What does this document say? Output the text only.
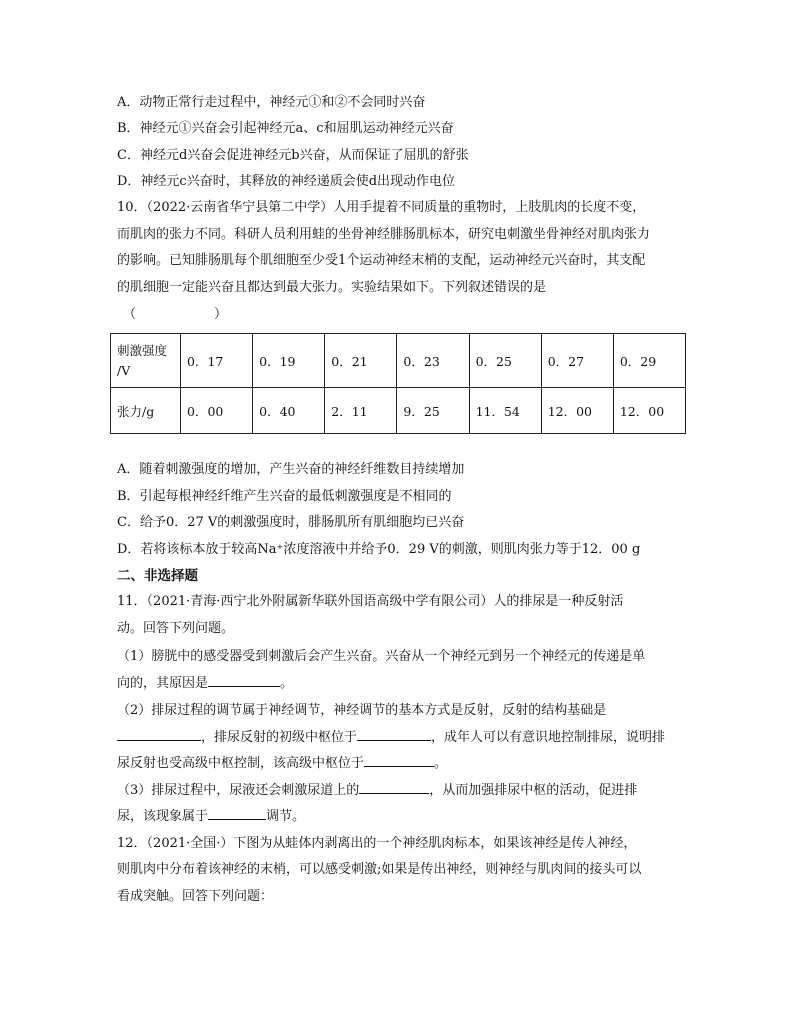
A．动物正常行走过程中，神经元①和②不会同时兴奋
B．神经元①兴奋会引起神经元a、c和屈肌运动神经元兴奋
C．神经元d兴奋会促进神经元b兴奋，从而保证了屈肌的舒张
D．神经元c兴奋时，其释放的神经递质会使d出现动作电位
10．（2022·云南省华宁县第二中学）人用手提着不同质量的重物时，上肢肌肉的长度不变，
而肌肉的张力不同。科研人员利用蛙的坐骨神经腓肠肌标本，研究电刺激坐骨神经对肌肉张力
的影响。已知腓肠肌每个肌细胞至少受1个运动神经末梢的支配，运动神经元兴奋时，其支配
的肌细胞一定能兴奋且都达到最大张力。实验结果如下。下列叙述错误的是
（　　　　　　）
刺激强度
/V	0．17	0．19	0．21	0．23	0．25	0．27	0．29
张力/g	0．00	0．40	2．11	9．25	11．54	12．00	12．00
A．随着刺激强度的增加，产生兴奋的神经纤维数目持续增加
B．引起每根神经纤维产生兴奋的最低刺激强度是不相同的
C．给予0．27 V的刺激强度时，腓肠肌所有肌细胞均已兴奋
D．若将该标本放于较高Na⁺浓度溶液中并给予0．29 V的刺激，则肌肉张力等于12．00 g
二、非选择题
11．（2021·青海·西宁北外附属新华联外国语高级中学有限公司）人的排尿是一种反射活
动。回答下列问题。
（1）膀胱中的感受器受到刺激后会产生兴奋。兴奋从一个神经元到另一个神经元的传递是单
向的，其原因是	。
（2）排尿过程的调节属于神经调节，神经调节的基本方式是反射，反射的结构基础是
，排尿反射的初级中枢位于	，成年人可以有意识地控制排尿，说明排
尿反射也受高级中枢控制，该高级中枢位于	。
（3）排尿过程中，尿液还会刺激尿道上的	，从而加强排尿中枢的活动，促进排
尿，该现象属于	调节。
12．（2021·全国·）下图为从蛙体内剥离出的一个神经肌肉标本，如果该神经是传人神经，
则肌肉中分布着该神经的末梢，可以感受刺激;如果是传出神经，则神经与肌肉间的接头可以
看成突触。回答下列问题：
